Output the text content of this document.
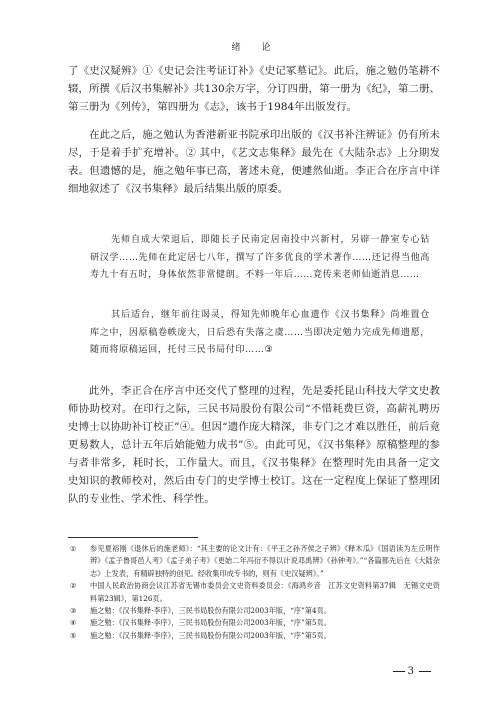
绪　论

了《史汉疑辨》①《史记会注考证订补》《史记冢墓记》。此后，施之勉仍笔耕不辍，所撰《后汉书集解补》共130余万字，分订四册，第一册为《纪》，第二册、第三册为《列传》，第四册为《志》，该书于1984年出版发行。

在此之后，施之勉认为香港新亚书院承印出版的《汉书补注辨证》仍有所未尽，于是着手扩充增补。② 其中，《艺文志集释》最先在《大陆杂志》上分期发表。但遗憾的是，施之勉年事已高，著述未竟，便遽然仙逝。李正合在序言中详细地叙述了《汉书集释》最后结集出版的原委。

先师自成大荣退后，即随长子民南定居南投中兴新村，另辟一静室专心钻研汉学……先师在此定居七八年，撰写了许多优良的学术著作……还记得当他高寿九十有五时，身体依然非常健朗。不料一年后……竟传来老师仙逝消息……

其后适台，继年前往谒灵，得知先师晚年心血遗作《汉书集释》尚堆置仓库之中，因原稿卷帙庞大，日后恐有失落之虞……当即决定勉力完成先师遗愿，随而将原稿运回，托付三民书局付印……③

此外，李正合在序言中还交代了整理的过程，先是委托昆山科技大学文史教师协助校对。在印行之际，三民书局股份有限公司“不惜耗费巨资，高薪礼聘历史博士以协助补订校正”④。但因“遗作庞大精深，非专门之才难以胜任，前后竟更易数人，总计五年后始能勉力成书”⑤。由此可见，《汉书集释》原稿整理的参与者非常多，耗时长，工作量大。而且，《汉书集释》在整理时先由具备一定文史知识的教师校对，然后由专门的史学博士校订。这在一定程度上保证了整理团队的专业性、学术性、科学性。

①	参见夏裕刚《退休后的施老师》：“其主要的论文计有：《平王之孙齐侯之子辨》《释木瓜》《国语读为左丘明作辨》《孟子鲁哥邑人考》《孟子弟子考》《更始二年冯衍不得以计说邓禹辨》《孙钟考》。”“各篇都先后在《大陆杂志》上发表，有精辟独特的创见。经收集印成专书的，则有《史汉疑辨》。”
②	中国人民政治协商会议江苏省无锡市委员会文史资料委员会：《海鸿乡音　江苏文史资料第37辑　无锡文史资料第23辑》，第126页。
③	施之勉：《汉书集释·李序》，三民书局股份有限公司2003年版，“序”第4页。
④	施之勉：《汉书集释·李序》，三民书局股份有限公司2003年版，“序”第5页。
⑤	施之勉：《汉书集释·李序》，三民书局股份有限公司2003年版，“序”第5页。
3
